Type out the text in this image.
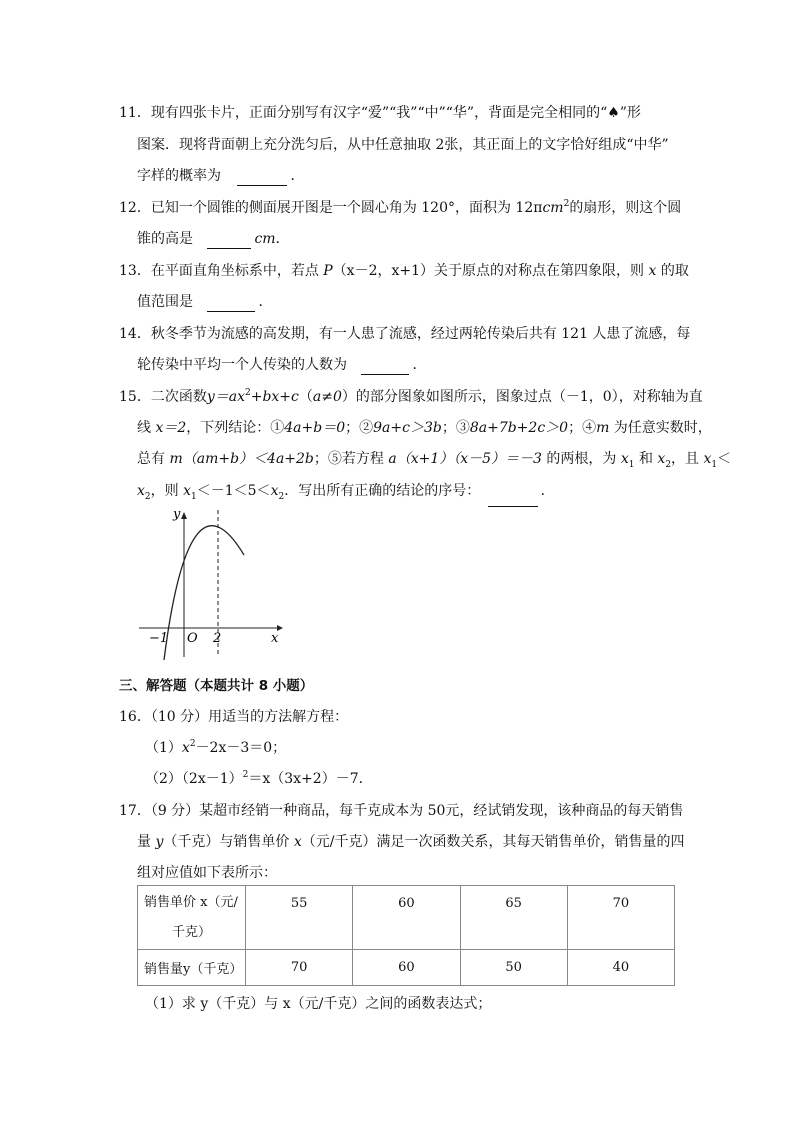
11．现有四张卡片，正面分别写有汉字“爱”“我”“中”“华”，背面是完全相同的“♠”形
图案．现将背面朝上充分洗匀后，从中任意抽取 2张，其正面上的文字恰好组成“中华”
字样的概率为	．
12．已知一个圆锥的侧面展开图是一个圆心角为 120°，面积为 12πcm$^2$的扇形，则这个圆
锥的高是	cm．
13．在平面直角坐标系中，若点 P（x－2，x+1）关于原点的对称点在第四象限，则 x 的取
值范围是	．
14．秋冬季节为流感的高发期，有一人患了流感，经过两轮传染后共有 121 人患了流感，每
轮传染中平均一个人传染的人数为	．
15．二次函数$y=ax^2+bx+c(a\ne 0)$的部分图象如图所示，图象过点（－1，0），对称轴为直
线 x＝2，下列结论：①4a+b＝0；②9a+c＞3b；③8a+7b+2c＞0；④m 为任意实数时，
总有 m（am+b）＜4a+2b；⑤若方程 a（x+1）（x－5）＝－3 的两根，为 $x_1$ 和 $x_2$，且 $x_1<$
$x_2$，则 $x_1<-1<5<x_2$．写出所有正确的结论的序号：	．
y
x
O
−1	2
三、解答题（本题共计 8 小题）
16．（10 分）用适当的方法解方程：
$(1)x^2-2x-3=0$；
$(2)(2x-1)^2=x(3x+2)-7$．
17．（9 分）某超市经销一种商品，每千克成本为 50元，经试销发现，该种商品的每天销售
量 y（千克）与销售单价 x（元/千克）满足一次函数关系，其每天销售单价，销售量的四
组对应值如下表所示：
销售单价 x（元/
千克）	55	60	65	70
销售量y（千克）	70	60	50	40
（1）求 y（千克）与 x（元/千克）之间的函数表达式；
